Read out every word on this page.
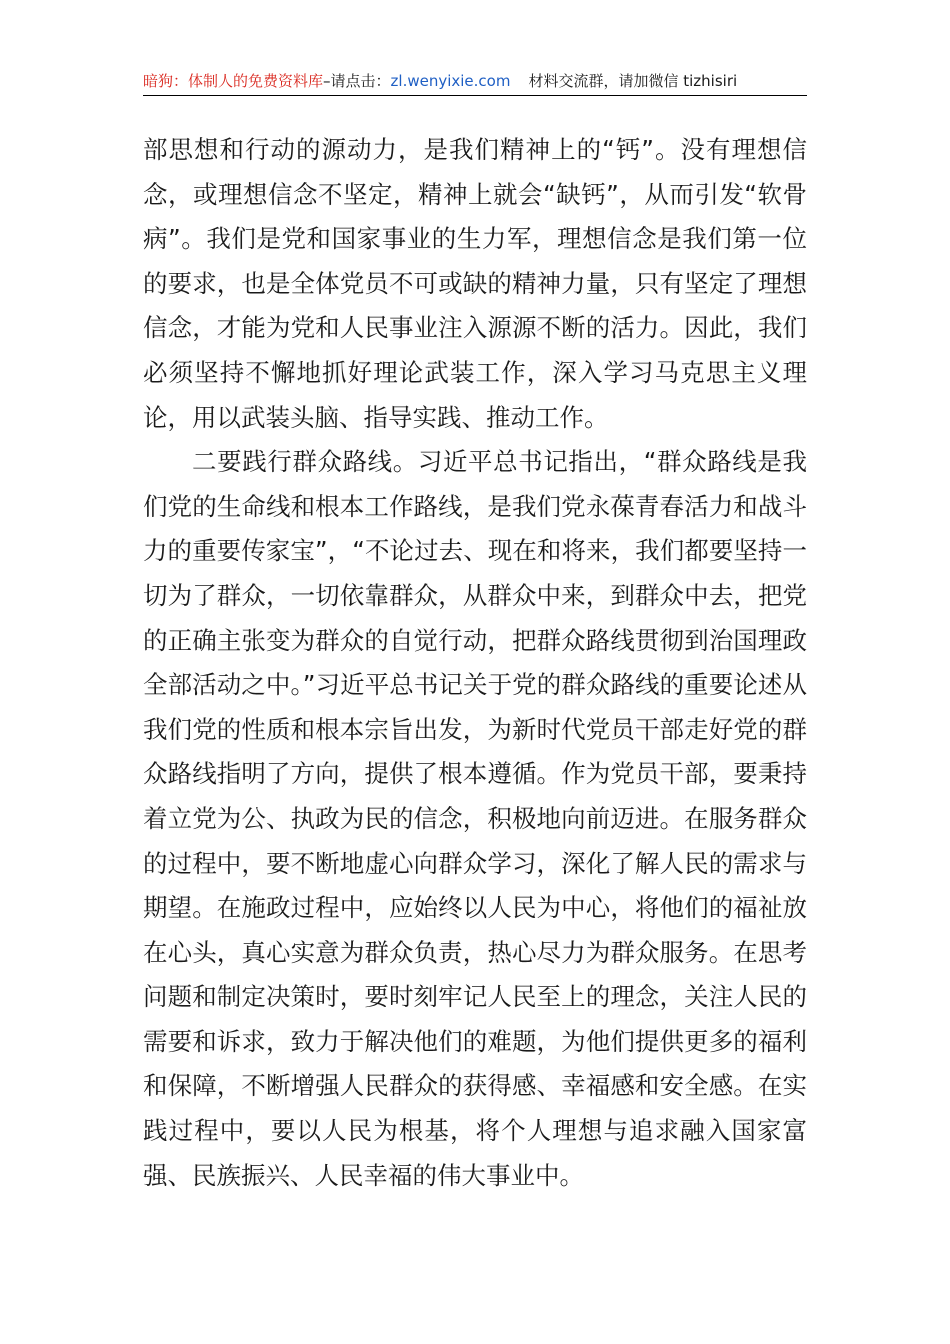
暗狗：体制人的免费资料库–请点击：zl.wenyixie.com 材料交流群，请加微信 tizhisiri

部思想和行动的源动力，是我们精神上的“钙”。没有理想信念，或理想信念不坚定，精神上就会“缺钙”，从而引发“软骨病”。我们是党和国家事业的生力军，理想信念是我们第一位的要求，也是全体党员不可或缺的精神力量，只有坚定了理想信念，才能为党和人民事业注入源源不断的活力。因此，我们必须坚持不懈地抓好理论武装工作，深入学习马克思主义理论，用以武装头脑、指导实践、推动工作。

二要践行群众路线。习近平总书记指出，“群众路线是我们党的生命线和根本工作路线，是我们党永葆青春活力和战斗力的重要传家宝”，“不论过去、现在和将来，我们都要坚持一切为了群众，一切依靠群众，从群众中来，到群众中去，把党的正确主张变为群众的自觉行动，把群众路线贯彻到治国理政全部活动之中。”习近平总书记关于党的群众路线的重要论述从我们党的性质和根本宗旨出发，为新时代党员干部走好党的群众路线指明了方向，提供了根本遵循。作为党员干部，要秉持着立党为公、执政为民的信念，积极地向前迈进。在服务群众的过程中，要不断地虚心向群众学习，深化了解人民的需求与期望。在施政过程中，应始终以人民为中心，将他们的福祉放在心头，真心实意为群众负责，热心尽力为群众服务。在思考问题和制定决策时，要时刻牢记人民至上的理念，关注人民的需要和诉求，致力于解决他们的难题，为他们提供更多的福利和保障，不断增强人民群众的获得感、幸福感和安全感。在实践过程中，要以人民为根基，将个人理想与追求融入国家富强、民族振兴、人民幸福的伟大事业中。
